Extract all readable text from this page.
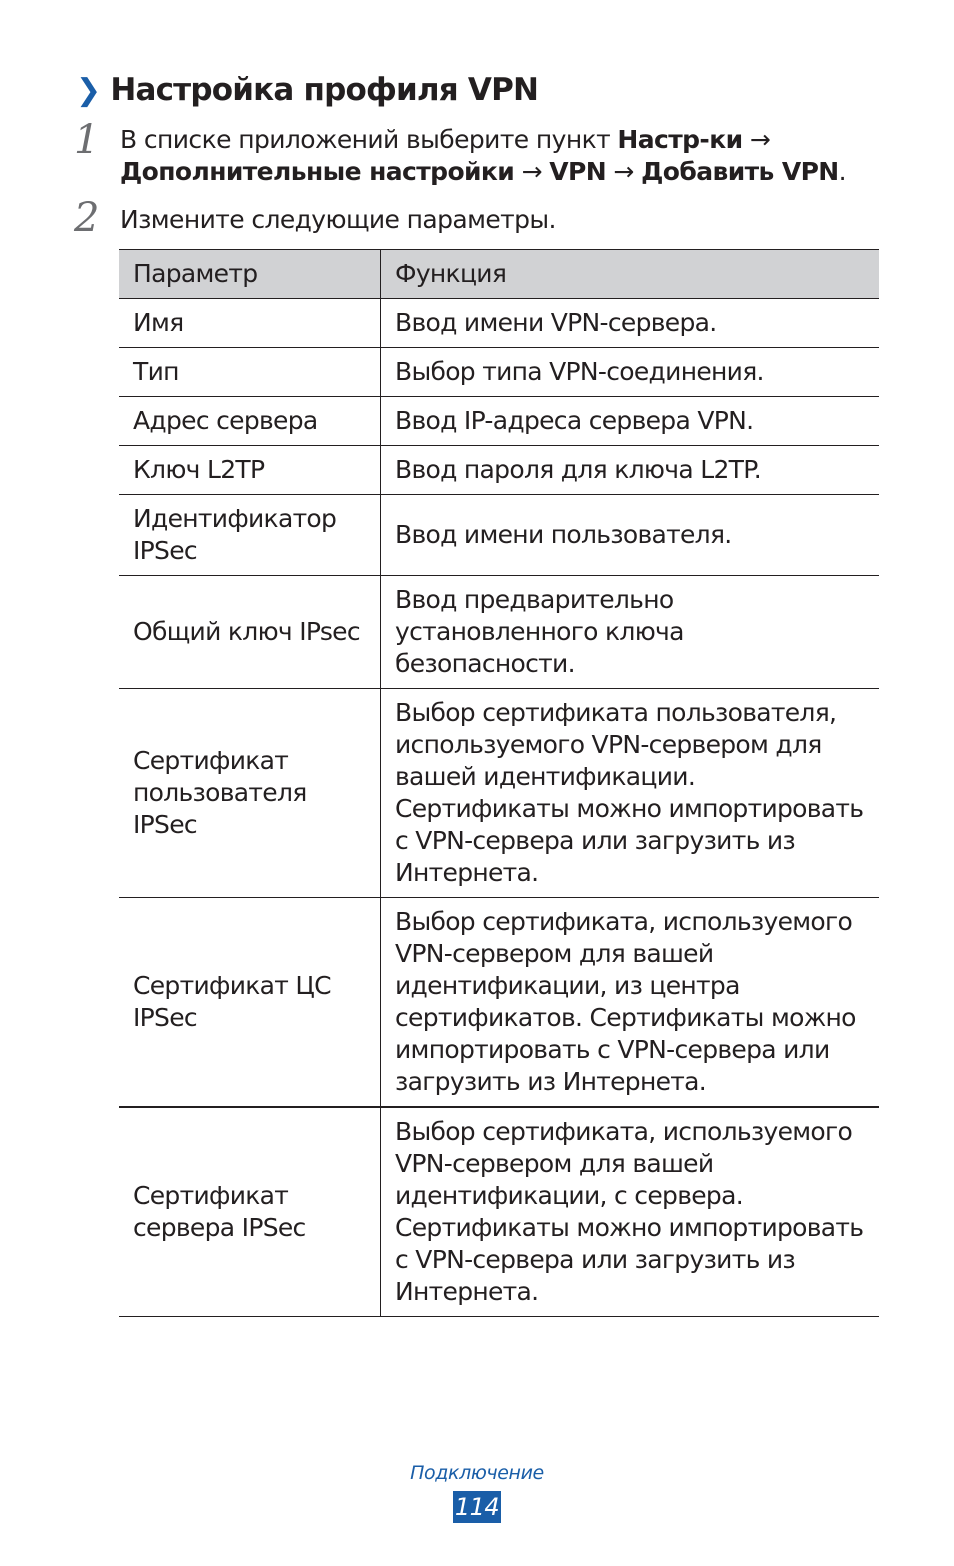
❯ Настройка профиля VPN
1 В списке приложений выберите пункт Настр-ки →
Дополнительные настройки → VPN → Добавить VPN.
2 Измените следующие параметры.
Параметр	Функция
Имя	Ввод имени VPN-сервера.
Тип	Выбор типа VPN-соединения.
Адрес сервера	Ввод IP-адреса сервера VPN.
Ключ L2TP	Ввод пароля для ключа L2TP.
Идентификатор IPSec	Ввод имени пользователя.
Общий ключ IPsec	Ввод предварительно установленного ключа безопасности.
Сертификат пользователя IPSec	Выбор сертификата пользователя, используемого VPN-сервером для вашей идентификации. Сертификаты можно импортировать с VPN-сервера или загрузить из Интернета.
Сертификат ЦС IPSec	Выбор сертификата, используемого VPN-сервером для вашей идентификации, из центра сертификатов. Сертификаты можно импортировать с VPN-сервера или загрузить из Интернета.
Сертификат сервера IPSec	Выбор сертификата, используемого VPN-сервером для вашей идентификации, с сервера. Сертификаты можно импортировать с VPN-сервера или загрузить из Интернета.
Подключение
114
